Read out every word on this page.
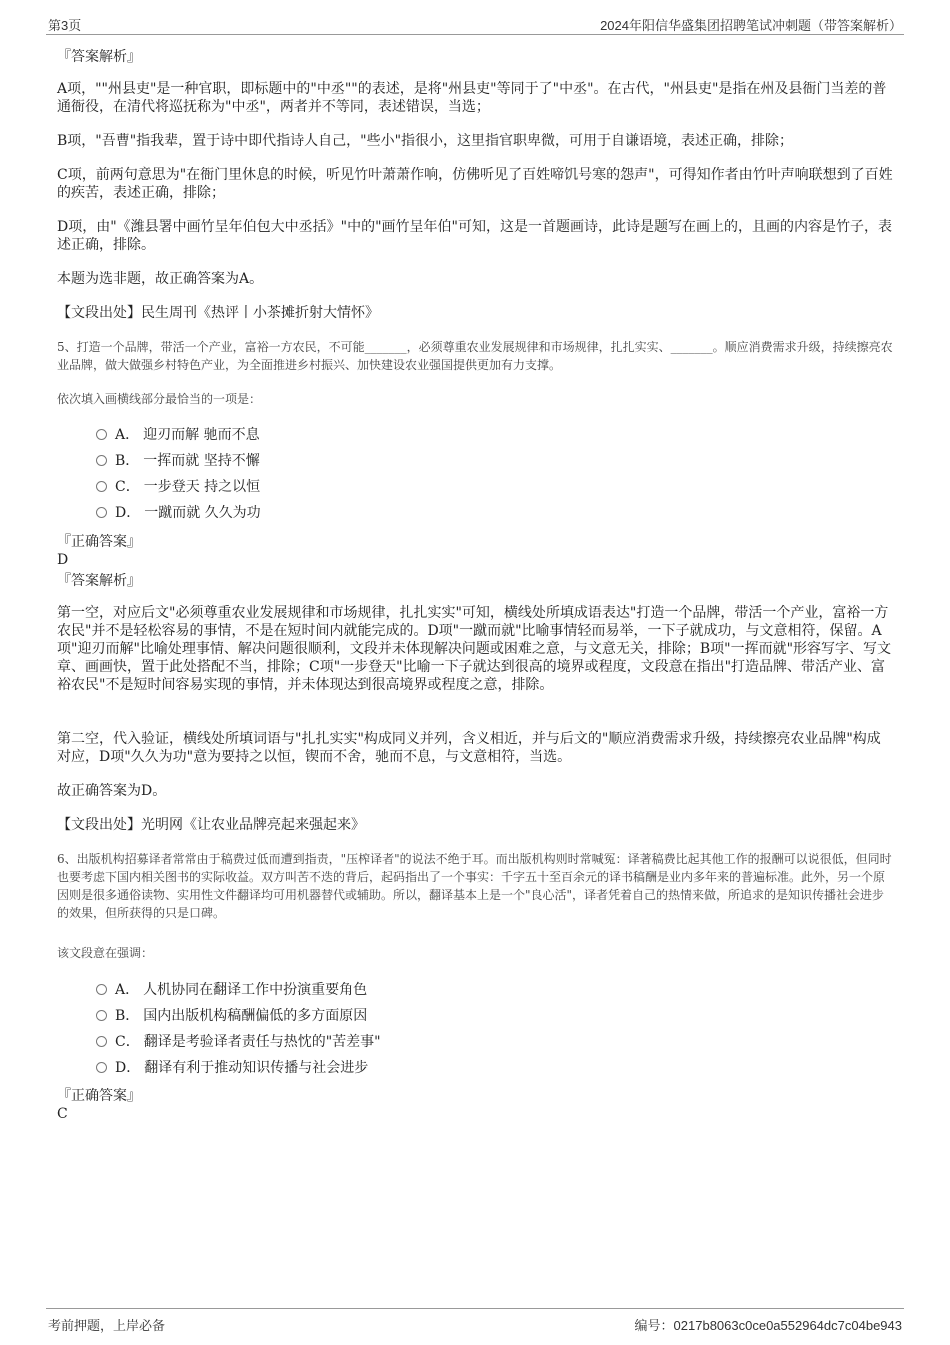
第3页	2024年阳信华盛集团招聘笔试冲刺题（带答案解析）
『答案解析』
A项，""州县吏"是一种官职，即标题中的"中丞""的表述，是将"州县吏"等同于了"中丞"。在古代，"州县吏"是指在州及县衙门当差的普通衙役，在清代将巡抚称为"中丞"，两者并不等同，表述错误，当选；
B项，"吾曹"指我辈，置于诗中即代指诗人自己，"些小"指很小，这里指官职卑微，可用于自谦语境，表述正确，排除；
C项，前两句意思为"在衙门里休息的时候，听见竹叶萧萧作响，仿佛听见了百姓啼饥号寒的怨声"，可得知作者由竹叶声响联想到了百姓的疾苦，表述正确，排除；
D项，由"《潍县署中画竹呈年伯包大中丞括》"中的"画竹呈年伯"可知，这是一首题画诗，此诗是题写在画上的，且画的内容是竹子，表述正确，排除。
本题为选非题，故正确答案为A。
【文段出处】民生周刊《热评丨小茶摊折射大情怀》
5、打造一个品牌，带活一个产业，富裕一方农民，不可能_______，必须尊重农业发展规律和市场规律，扎扎实实、_______。顺应消费需求升级，持续擦亮农业品牌，做大做强乡村特色产业，为全面推进乡村振兴、加快建设农业强国提供更加有力支撑。
依次填入画横线部分最恰当的一项是：
A． 迎刃而解 驰而不息
B． 一挥而就 坚持不懈
C． 一步登天 持之以恒
D． 一蹴而就 久久为功
『正确答案』
D
『答案解析』
第一空，对应后文"必须尊重农业发展规律和市场规律，扎扎实实"可知，横线处所填成语表达"打造一个品牌，带活一个产业，富裕一方农民"并不是轻松容易的事情，不是在短时间内就能完成的。D项"一蹴而就"比喻事情轻而易举，一下子就成功，与文意相符，保留。A项"迎刃而解"比喻处理事情、解决问题很顺利，文段并未体现解决问题或困难之意，与文意无关，排除；B项"一挥而就"形容写字、写文章、画画快，置于此处搭配不当，排除；C项"一步登天"比喻一下子就达到很高的境界或程度，文段意在指出"打造品牌、带活产业、富裕农民"不是短时间容易实现的事情，并未体现达到很高境界或程度之意，排除。
第二空，代入验证，横线处所填词语与"扎扎实实"构成同义并列，含义相近，并与后文的"顺应消费需求升级，持续擦亮农业品牌"构成对应，D项"久久为功"意为要持之以恒，锲而不舍，驰而不息，与文意相符，当选。
故正确答案为D。
【文段出处】光明网《让农业品牌亮起来强起来》
6、出版机构招募译者常常由于稿费过低而遭到指责，"压榨译者"的说法不绝于耳。而出版机构则时常喊冤：译著稿费比起其他工作的报酬可以说很低，但同时也要考虑下国内相关图书的实际收益。双方叫苦不迭的背后，起码指出了一个事实：千字五十至百余元的译书稿酬是业内多年来的普遍标准。此外，另一个原因则是很多通俗读物、实用性文件翻译均可用机器替代或辅助。所以，翻译基本上是一个"良心活"，译者凭着自己的热情来做，所追求的是知识传播社会进步的效果，但所获得的只是口碑。
该文段意在强调：
A． 人机协同在翻译工作中扮演重要角色
B． 国内出版机构稿酬偏低的多方面原因
C． 翻译是考验译者责任与热忱的"苦差事"
D． 翻译有利于推动知识传播与社会进步
『正确答案』
C
考前押题，上岸必备	编号：0217b8063c0ce0a552964dc7c04be943
